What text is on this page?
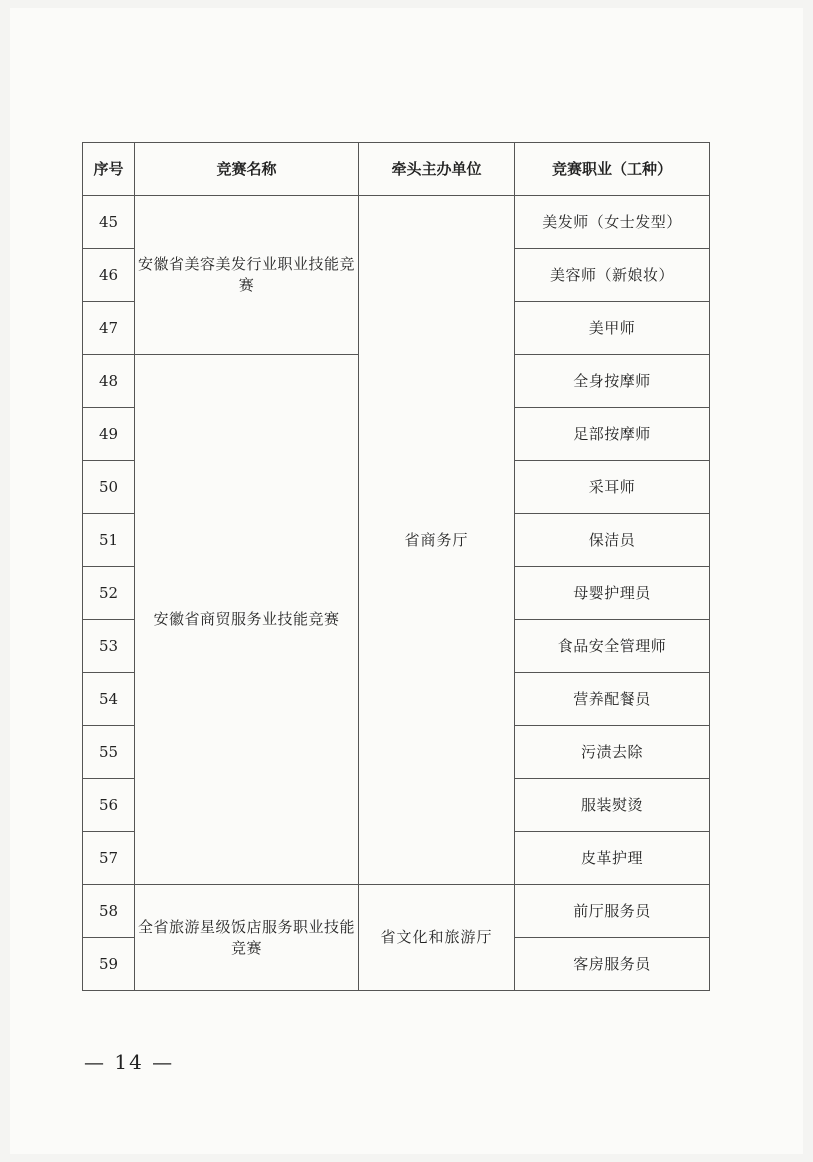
序号	竞赛名称	牵头主办单位	竞赛职业（工种）
45	安徽省美容美发行业职业技能竞赛	省商务厅	美发师（女士发型）
46			美容师（新娘妆）
47			美甲师
48	安徽省商贸服务业技能竞赛		全身按摩师
49			足部按摩师
50			采耳师
51			保洁员
52			母婴护理员
53			食品安全管理师
54			营养配餐员
55			污渍去除
56			服装熨烫
57			皮革护理
58	全省旅游星级饭店服务职业技能竞赛	省文化和旅游厅	前厅服务员
59			客房服务员
— 14 —
